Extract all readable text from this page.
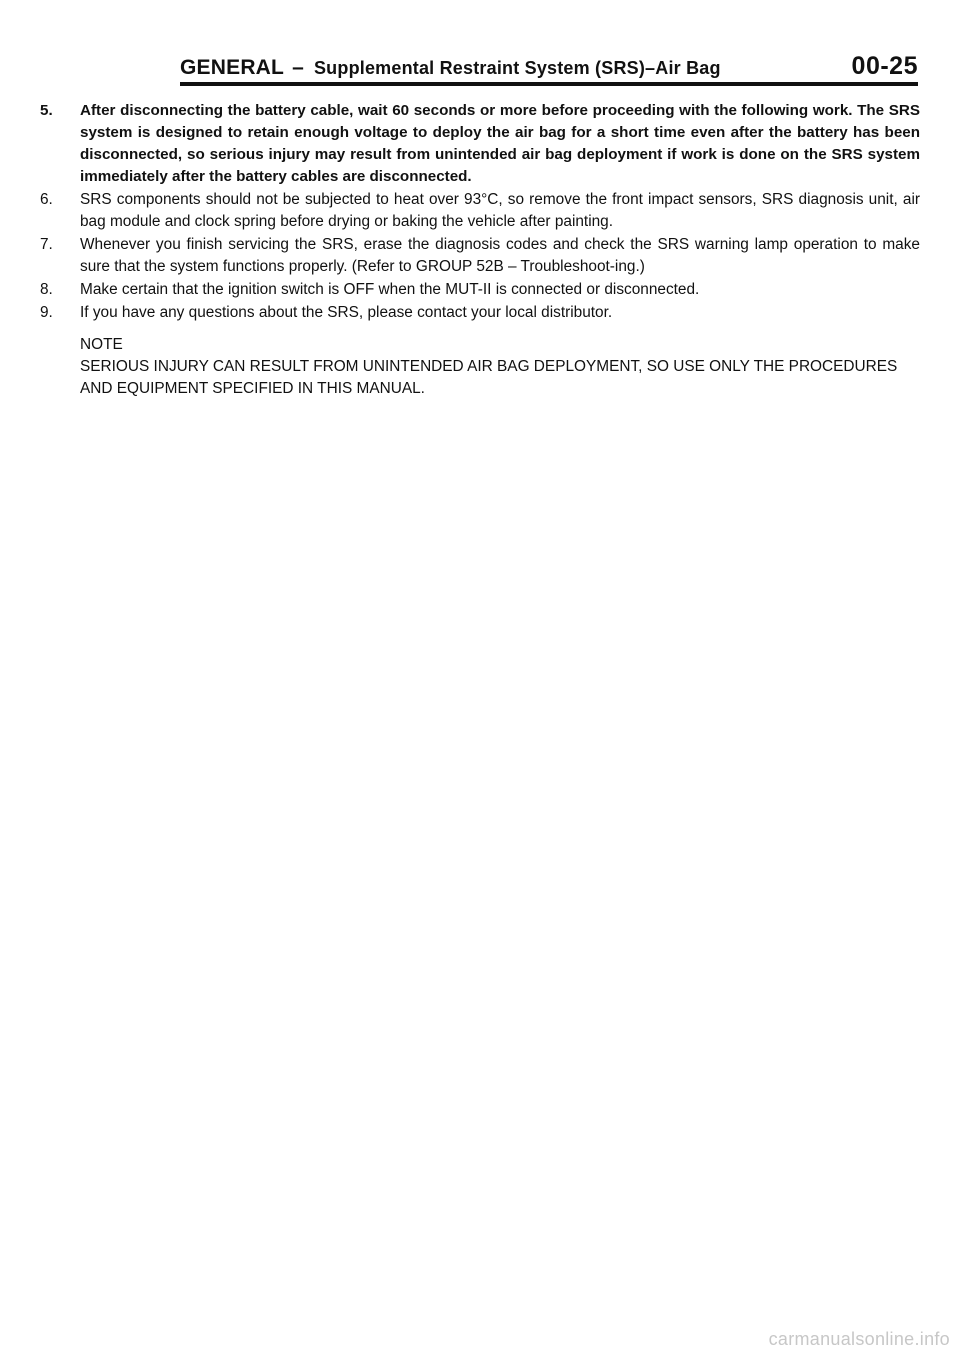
GENERAL – Supplemental Restraint System (SRS)–Air Bag	00-25
5.	After disconnecting the battery cable, wait 60 seconds or more before proceeding with the following work. The SRS system is designed to retain enough voltage to deploy the air bag for a short time even after the battery has been disconnected, so serious injury may result from unintended air bag deployment if work is done on the SRS system immediately after the battery cables are disconnected.
6.	SRS components should not be subjected to heat over 93°C, so remove the front impact sensors, SRS diagnosis unit, air bag module and clock spring before drying or baking the vehicle after painting.
7.	Whenever you finish servicing the SRS, erase the diagnosis codes and check the SRS warning lamp operation to make sure that the system functions properly. (Refer to GROUP 52B – Troubleshoot-ing.)
8.	Make certain that the ignition switch is OFF when the MUT-II is connected or disconnected.
9.	If you have any questions about the SRS, please contact your local distributor.
NOTE
SERIOUS INJURY CAN RESULT FROM UNINTENDED AIR BAG DEPLOYMENT, SO USE ONLY THE PROCEDURES AND EQUIPMENT SPECIFIED IN THIS MANUAL.
carmanualsonline.info
